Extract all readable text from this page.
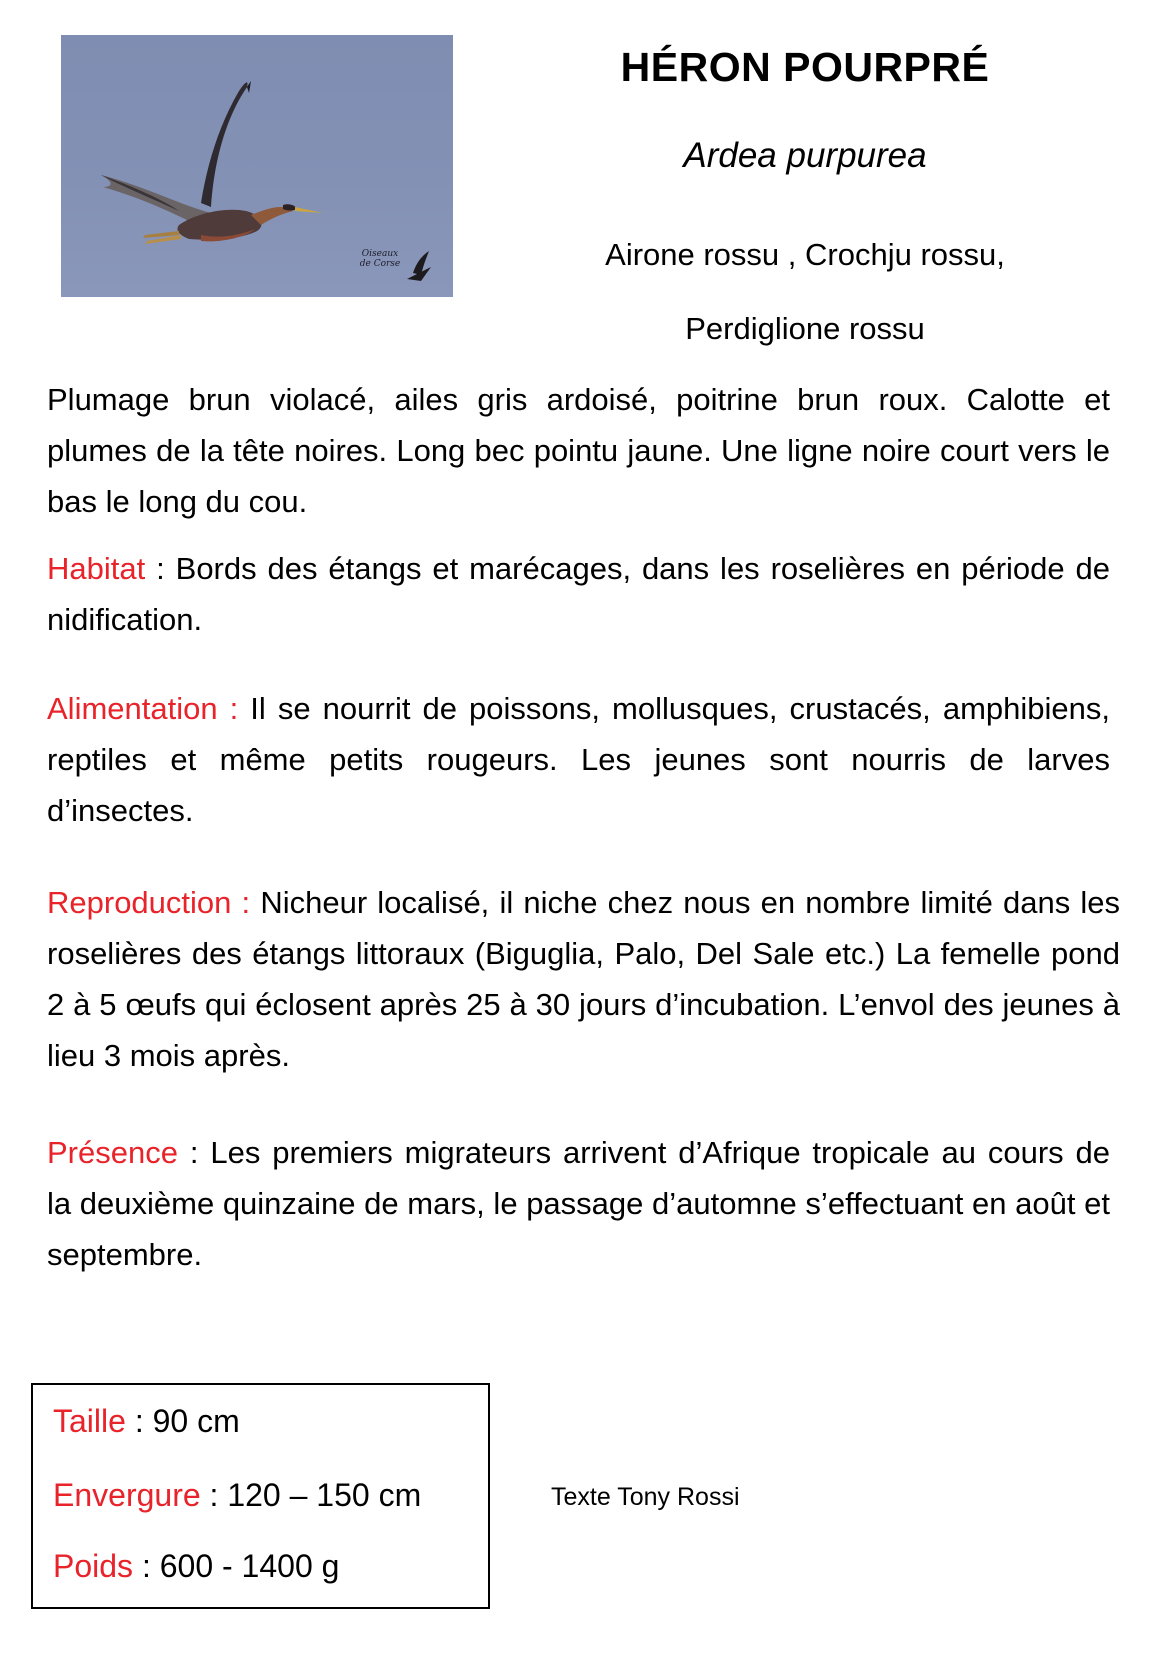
Oiseaux de Corse
HÉRON POURPRÉ
Ardea purpurea
Airone rossu , Crochju rossu,
Perdiglione rossu
Plumage brun violacé, ailes gris ardoisé, poitrine brun roux. Calotte et plumes de la tête noires. Long bec pointu jaune. Une ligne noire court vers le bas le long du cou.
Habitat : Bords des étangs et marécages, dans les roselières en période de nidification.
Alimentation : Il se nourrit de poissons, mollusques, crustacés, amphibiens, reptiles et même petits rougeurs. Les jeunes sont nourris de larves d’insectes.
Reproduction : Nicheur localisé, il niche chez nous en nombre limité dans les roselières des étangs littoraux (Biguglia, Palo, Del Sale etc.) La femelle pond 2 à 5 œufs qui éclosent après 25 à 30 jours d’incubation. L’envol des jeunes à lieu 3 mois après.
Présence : Les premiers migrateurs arrivent d’Afrique tropicale au cours de la deuxième quinzaine de mars, le passage d’automne s’effectuant en août et septembre.
Taille : 90 cm
Envergure : 120 – 150 cm
Poids : 600 - 1400 g
Texte Tony Rossi
